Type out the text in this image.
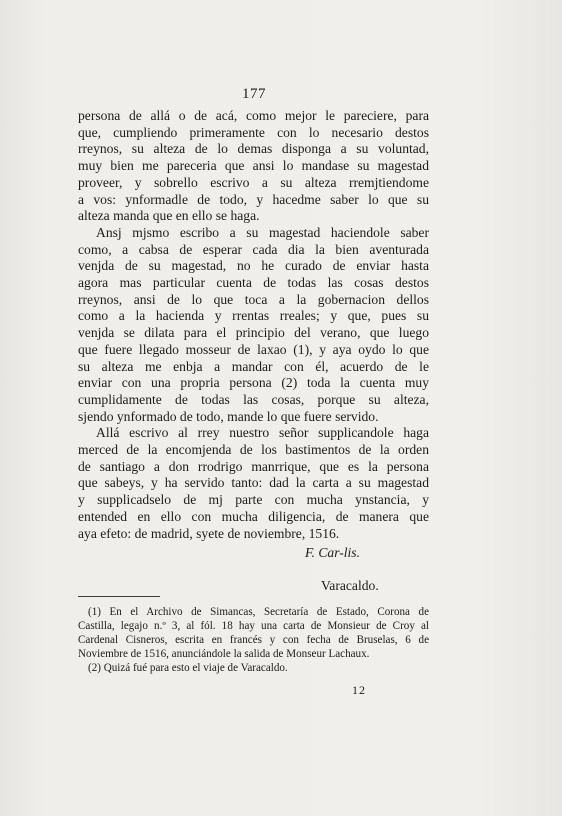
177
persona de allá o de acá, como mejor le pareciere, para
que, cumpliendo primeramente con lo necesario destos
rreynos, su alteza de lo demas disponga a su voluntad,
muy bien me pareceria que ansi lo mandase su magestad
proveer, y sobrello escrivo a su alteza rremjtiendome
a vos: ynformadle de todo, y hacedme saber lo que su
alteza manda que en ello se haga.
Ansj mjsmo escribo a su magestad haciendole saber
como, a cabsa de esperar cada dia la bien aventurada
venjda de su magestad, no he curado de enviar hasta
agora mas particular cuenta de todas las cosas destos
rreynos, ansi de lo que toca a la gobernacion dellos
como a la hacienda y rrentas rreales; y que, pues su
venjda se dilata para el principio del verano, que luego
que fuere llegado mosseur de laxao (1), y aya oydo lo que
su alteza me enbja a mandar con él, acuerdo de le
enviar con una propria persona (2) toda la cuenta muy
cumplidamente de todas las cosas, porque su alteza,
sjendo ynformado de todo, mande lo que fuere servido.
Allá escrivo al rrey nuestro señor supplicandole haga
merced de la encomjenda de los bastimentos de la orden
de santiago a don rrodrigo manrrique, que es la persona
que sabeys, y ha servido tanto: dad la carta a su magestad
y supplicadselo de mj parte con mucha ynstancia, y
entended en ello con mucha diligencia, de manera que
aya efeto: de madrid, syete de noviembre, 1516.
F. Car-lis.
Varacaldo.
(1) En el Archivo de Simancas, Secretaría de Estado, Corona de
Castilla, legajo n.º 3, al fól. 18 hay una carta de Monsieur de Croy al
Cardenal Cisneros, escrita en francés y con fecha de Bruselas, 6 de
Noviembre de 1516, anunciándole la salida de Monseur Lachaux.
(2) Quizá fué para esto el viaje de Varacaldo.
12
